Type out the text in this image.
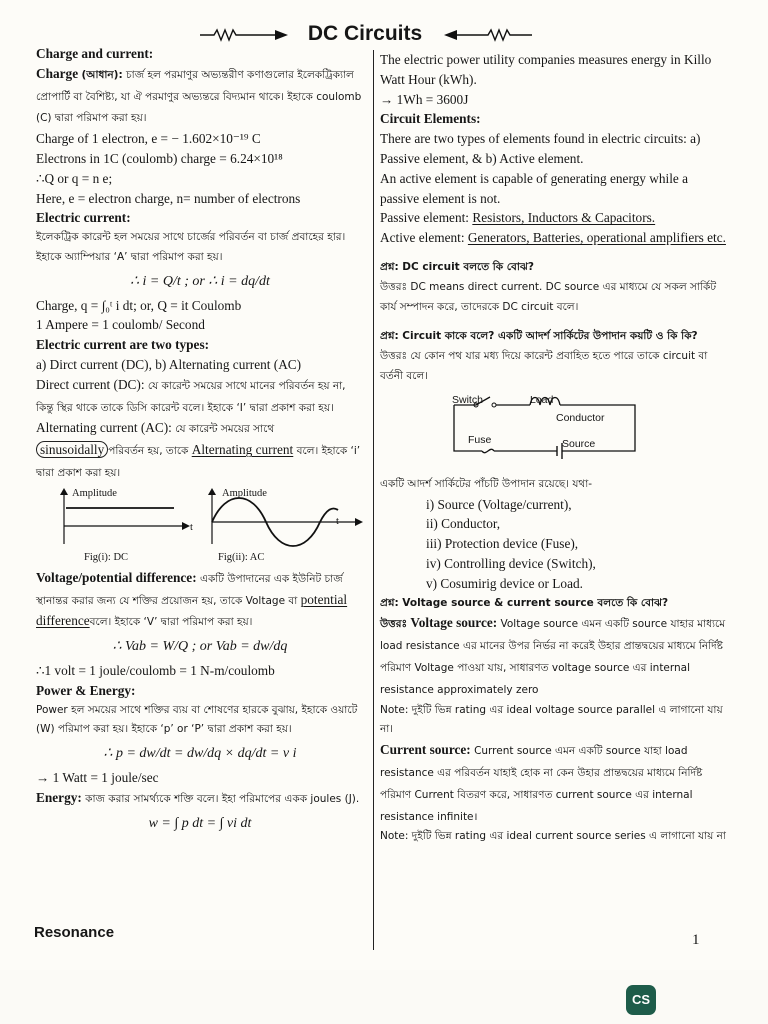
DC Circuits

Charge and current:

Charge (আধান): চার্জ হল পরমাণুর অভ্যন্তরীণ কণাগুলোর ইলেকট্রিক্যাল প্রোপার্টি বা বৈশিষ্ট্য, যা ঐ পরমাণুর অভ্যন্তরে বিদ্যমান থাকে। ইহাকে coulomb (C) দ্বারা পরিমাপ করা হয়।

Charge of 1 electron, e = − 1.602×10⁻¹⁹ C

Electrons in 1C (coulomb) charge = 6.24×10¹⁸

∴Q or q = n e;

Here, e = electron charge, n= number of electrons

Electric current:

ইলেকট্রিক কারেন্ট হল সময়ের সাথে চার্জের পরিবর্তন বা চার্জ প্রবাহের হার। ইহাকে অ্যাম্পিয়ার ‘A’ দ্বারা পরিমাপ করা হয়।

∴ i = Q/t ; or ∴ i = dq/dt

Charge, q = ∫₀ᵗ i dt; or, Q = it Coulomb

1 Ampere = 1 coulomb/ Second

Electric current are two types:

a) Dirct current (DC), b) Alternating current (AC)

Direct current (DC): যে কারেন্ট সময়ের সাথে মানের পরিবর্তন হয় না, কিন্তু স্থির থাকে তাকে ডিসি কারেন্ট বলে। ইহাকে ‘I’ দ্বারা প্রকাশ করা হয়।

Alternating current (AC): যে কারেন্ট সময়ের সাথে sinusoidally পরিবর্তন হয়, তাকে Alternating current বলে। ইহাকে ‘i’ দ্বারা প্রকাশ করা হয়।

Amplitude
t
Fig(i): DC
Amplitude
t
Fig(ii): AC

Voltage/potential difference: একটি উপাদানের এক ইউনিট চার্জ স্থানান্তর করার জন্য যে শক্তির প্রয়োজন হয়, তাকে Voltage বা potential differenceবলে। ইহাকে ‘V’ দ্বারা পরিমাপ করা হয়।

∴ Vab = W/Q ; or Vab = dw/dq

∴1 volt = 1 joule/coulomb = 1 N-m/coulomb

Power & Energy:

Power হল সময়ের সাথে শক্তির ব্যয় বা শোষণের হারকে বুঝায়, ইহাকে ওয়াটে (W) পরিমাপ করা হয়। ইহাকে ‘p’ or ‘P’ দ্বারা প্রকাশ করা হয়।

∴ p = dw/dt = dw/dq × dq/dt = v i

→ 1 Watt = 1 joule/sec

Energy: কাজ করার সামর্থ্যকে শক্তি বলে। ইহা পরিমাপের একক joules (J).

w = ∫ p dt = ∫ vi dt

The electric power utility companies measures energy in Killo Watt Hour (kWh).

→ 1Wh = 3600J

Circuit Elements:

There are two types of elements found in electric circuits: a) Passive element, & b) Active element.

An active element is capable of generating energy while a passive element is not.

Passive element: Resistors, Inductors & Capacitors.

Active element: Generators, Batteries, operational amplifiers etc.

প্রশ্ন: DC circuit বলতে কি বোঝ?

উত্তরঃ DC means direct current. DC source এর মাধ্যমে যে সকল সার্কিট কার্য সম্পাদন করে, তাদেরকে DC circuit বলে।

প্রশ্ন: Circuit কাকে বলে? একটি আদর্শ সার্কিটের উপাদান কয়টি ও কি কি?

উত্তরঃ যে কোন পথ যার মধ্য দিয়ে কারেন্ট প্রবাহিত হতে পারে তাকে circuit বা বর্তনী বলে।

Switch	Load
Conductor
Fuse	Source

একটি আদর্শ সার্কিটের পাঁচটি উপাদান রয়েছে। যথা-

i) Source (Voltage/current),

ii) Conductor,

iii) Protection device (Fuse),

iv) Controlling device (Switch),

v) Cosumirig device or Load.

প্রশ্ন: Voltage source & current source বলতে কি বোঝ?

উত্তরঃ Voltage source: Voltage source এমন একটি source যাহার মাধ্যমে load resistance এর মানের উপর নির্ভর না করেই উহার প্রান্তদ্বয়ের মাধ্যমে নির্দিষ্ট পরিমাণ Voltage পাওয়া যায়, সাধারণত voltage source এর internal resistance approximately zero

Note: দুইটি ভিন্ন rating এর ideal voltage source parallel এ লাগানো যায় না।

Current source: Current source এমন একটি source যাহা load resistance এর পরিবর্তন যাহাই হোক না কেন উহার প্রান্তদ্বয়ের মাধ্যমে নির্দিষ্ট পরিমাণ Current বিতরণ করে, সাধারণত current source এর internal resistance infinite।

Note: দুইটি ভিন্ন rating এর ideal current source series এ লাগানো যায় না

Resonance	1
CS
